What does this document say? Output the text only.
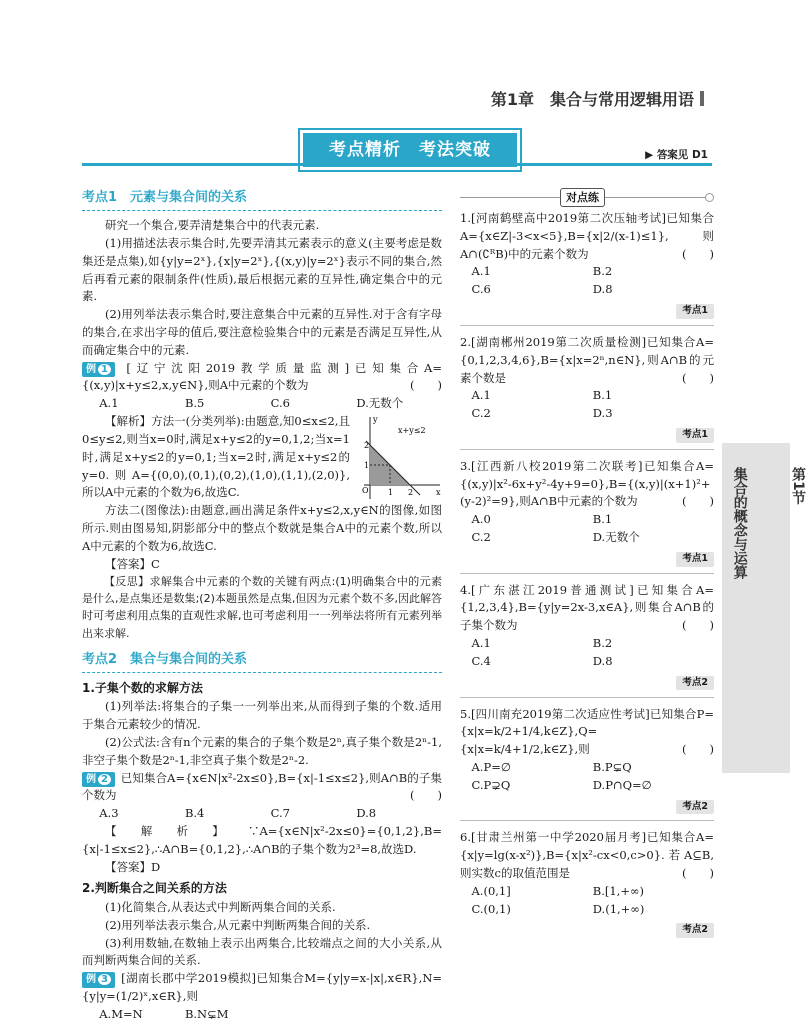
第1章　集合与常用逻辑用语
考点精析　考法突破	▶ 答案见 D1
考点1　元素与集合间的关系

研究一个集合,要弄清楚集合中的代表元素.

(1)用描述法表示集合时,先要弄清其元素表示的意义(主要考虑是数集还是点集),如{y|y=2ˣ},{x|y=2ˣ},{(x,y)|y=2ˣ}表示不同的集合,然后再看元素的限制条件(性质),最后根据元素的互异性,确定集合中的元素.

(2)用列举法表示集合时,要注意集合中元素的互异性.对于含有字母的集合,在求出字母的值后,要注意检验集合中的元素是否满足互异性,从而确定集合中的元素.

例 1 [辽宁沈阳2019教学质量监测]已知集合A={(x,y)|x+y≤2,x,y∈N},则A中元素的个数为	(　　)

A.1	B.5	C.6	D.无数个
x+y≤2
O 1 2
1
2
x
y

【解析】方法一(分类列举):由题意,知0≤x≤2,且0≤y≤2,则当x=0时,满足x+y≤2的y=0,1,2;当x=1时,满足x+y≤2的y=0,1;当x=2时,满足x+y≤2的y=0.则A={(0,0),(0,1),(0,2),(1,0),(1,1),(2,0)},所以A中元素的个数为6,故选C.

方法二(图像法):由题意,画出满足条件x+y≤2,x,y∈N的图像,如图所示.则由图易知,阴影部分中的整点个数就是集合A中的元素个数,所以A中元素的个数为6,故选C.

【答案】C

【反思】求解集合中元素的个数的关键有两点:(1)明确集合中的元素是什么,是点集还是数集;(2)本题虽然是点集,但因为元素个数不多,因此解答时可考虑利用点集的直观性求解,也可考虑利用一一列举法将所有元素列举出来求解.

考点2　集合与集合间的关系
1.子集个数的求解方法

(1)列举法:将集合的子集一一列举出来,从而得到子集的个数.适用于集合元素较少的情况.

(2)公式法:含有n个元素的集合的子集个数是2ⁿ,真子集个数是2ⁿ-1,非空子集个数是2ⁿ-1,非空真子集个数是2ⁿ-2.

例 2 已知集合A={x∈N|x²-2x≤0},B={x|-1≤x≤2},则A∩B的子集个数为	(　　)

A.3	B.4	C.7	D.8

【解析】∵A={x∈N|x²-2x≤0}={0,1,2},B={x|-1≤x≤2},∴A∩B={0,1,2},∴A∩B的子集个数为2³=8,故选D.

【答案】D

2.判断集合之间关系的方法

(1)化简集合,从表达式中判断两集合间的关系.

(2)用列举法表示集合,从元素中判断两集合间的关系.

(3)利用数轴,在数轴上表示出两集合,比较端点之间的大小关系,从而判断两集合间的关系.

例 3 [湖南长郡中学2019模拟]已知集合M={y|y=x-|x|,x∈R},N={y|y=(1/2)ˣ,x∈R},则

A.M=N	B.N⊊M
对点练

1.[河南鹤壁高中2019第二次压轴考试]已知集合A={x∈Z|-3<x<5},B={x|2/(x-1)≤1},则A∩(∁ᴿB)中的元素个数为	(　　)

A.1	B.2
C.6	D.8
考点1

2.[湖南郴州2019第二次质量检测]已知集合A={0,1,2,3,4,6},B={x|x=2ⁿ,n∈N},则A∩B的元素个数是	(　　)

A.1	B.1
C.2	D.3
考点1

3.[江西新八校2019第二次联考]已知集合A={(x,y)|x²-6x+y²-4y+9=0},B={(x,y)|(x+1)²+(y-2)²=9},则A∩B中元素的个数为	(　　)

A.0	B.1
C.2	D.无数个
考点1

4.[广东湛江2019普通测试]已知集合A={1,2,3,4},B={y|y=2x-3,x∈A},则集合A∩B的子集个数为	(　　)

A.1	B.2
C.4	D.8
考点2

5.[四川南充2019第二次适应性考试]已知集合P={x|x=k/2+1/4,k∈Z},Q={x|x=k/4+1/2,k∈Z},则	(　　)

A.P=∅	B.P⊊Q
C.P⊋Q	D.P∩Q=∅
考点2

6.[甘肃兰州第一中学2020届月考]已知集合A={x|y=lg(x-x²)},B={x|x²-cx<0,c>0}.若A⊆B,则实数c的取值范围是	(　　)

A.(0,1]	B.[1,+∞)
C.(0,1)	D.(1,+∞)
考点2
第1节
集合的概念与运算
